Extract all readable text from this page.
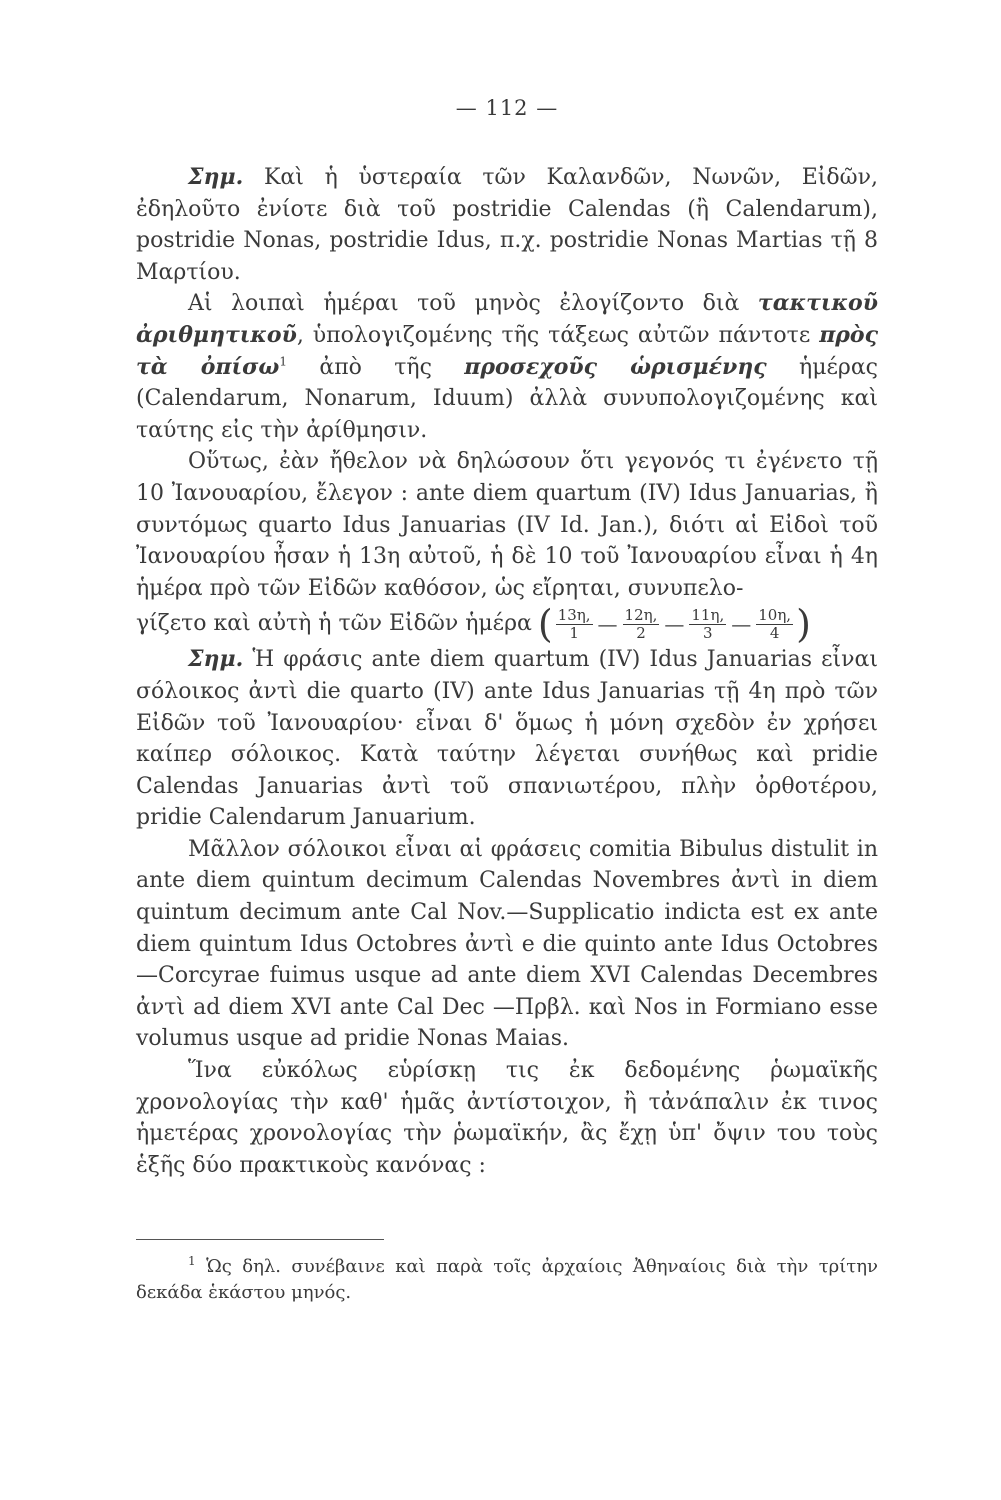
— 112 —

Σημ. Καὶ ἡ ὑστεραία τῶν Καλανδῶν, Νωνῶν, Εἰδῶν, ἐδηλοῦτο ἐνίοτε διὰ τοῦ postridie Calendas (ἢ Calendarum), postridie Nonas, postridie Idus, π.χ. postridie Nonas Martias τῇ 8 Μαρτίου.

Αἱ λοιπαὶ ἡμέραι τοῦ μηνὸς ἐλογίζοντο διὰ τακτικοῦ ἀριθμητικοῦ, ὑπολογιζομένης τῆς τάξεως αὐτῶν πάντοτε πρὸς τὰ ὀπίσω$^1$ ἀπὸ τῆς προσεχοῦς ὡρισμένης ἡμέρας (Calendarum, Nonarum, Iduum) ἀλλὰ συνυπολογιζομένης καὶ ταύτης εἰς τὴν ἀρίθμησιν.

Οὕτως, ἐὰν ἤθελον νὰ δηλώσουν ὅτι γεγονός τι ἐγένετο τῇ 10 Ἰανουαρίου, ἔλεγον : ante diem quartum (IV) Idus Januarias, ἢ συντόμως quarto Idus Januarias (IV Id. Jan.), διότι αἱ Εἰδοὶ τοῦ Ἰανουαρίου ἦσαν ἡ 13η αὐτοῦ, ἡ δὲ 10 τοῦ Ἰανουαρίου εἶναι ἡ 4η ἡμέρα πρὸ τῶν Εἰδῶν καθόσον, ὡς εἴρηται, συνυπελο-

γίζετο καὶ αὐτὴ ἡ τῶν Εἰδῶν ἡμέρα ( $\frac{13\eta,}{1}$ — $\frac{12\eta,}{2}$ — $\frac{11\eta,}{3}$ — $\frac{10\eta,}{4}$ )

Σημ. Ἡ φράσις ante diem quartum (IV) Idus Januarias εἶναι σόλοικος ἀντὶ die quarto (IV) ante Idus Januarias τῇ 4η πρὸ τῶν Εἰδῶν τοῦ Ἰανουαρίου· εἶναι δ' ὅμως ἡ μόνη σχεδὸν ἐν χρήσει καίπερ σόλοικος. Κατὰ ταύτην λέγεται συνήθως καὶ pridie Calendas Januarias ἀντὶ τοῦ σπανιωτέρου, πλὴν ὀρθοτέρου, pridie Calendarum Januarium.

Μᾶλλον σόλοικοι εἶναι αἱ φράσεις comitia Bibulus distulit in ante diem quintum decimum Calendas Novembres ἀντὶ in diem quintum decimum ante Cal Nov.—Supplicatio indicta est ex ante diem quintum Idus Octobres ἀντὶ e die quinto ante Idus Octobres—Corcyrae fuimus usque ad ante diem XVI Calendas Decembres ἀντὶ ad diem XVI ante Cal Dec —Πρβλ. καὶ Nos in Formiano esse volumus usque ad pridie Nonas Maias.

Ἵνα εὐκόλως εὑρίσκῃ τις ἐκ δεδομένης ῥωμαϊκῆς χρονολογίας τὴν καθ' ἡμᾶς ἀντίστοιχον, ἢ τἀνάπαλιν ἐκ τινος ἡμετέρας χρονολογίας τὴν ῥωμαϊκήν, ἂς ἔχῃ ὑπ' ὄψιν του τοὺς ἑξῆς δύο πρακτικοὺς κανόνας :

$^1$ Ὡς δηλ. συνέβαινε καὶ παρὰ τοῖς ἀρχαίοις Ἀθηναίοις διὰ τὴν τρίτην δεκάδα ἑκάστου μηνός.
